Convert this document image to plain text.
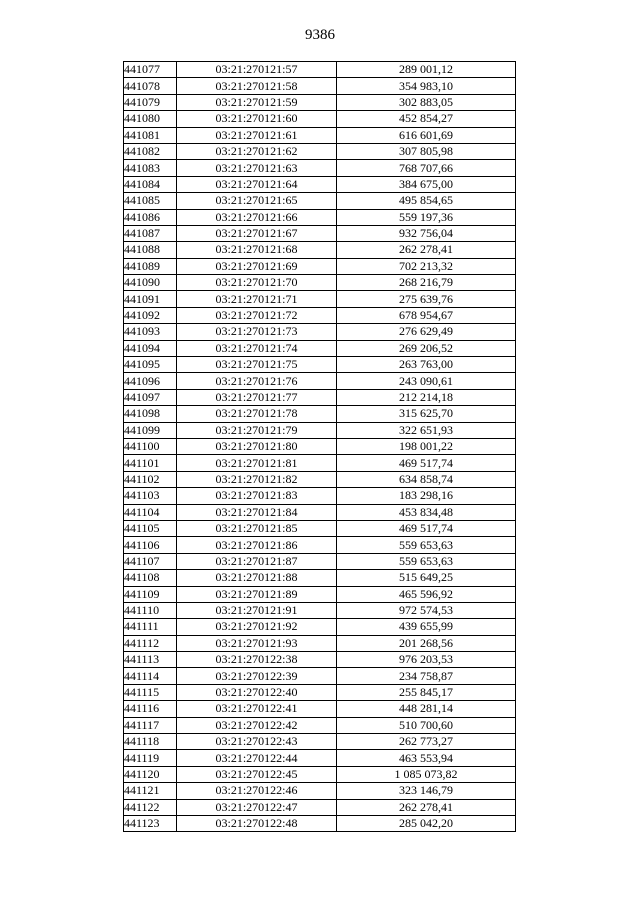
9386
441077	03:21:270121:57	289 001,12
441078	03:21:270121:58	354 983,10
441079	03:21:270121:59	302 883,05
441080	03:21:270121:60	452 854,27
441081	03:21:270121:61	616 601,69
441082	03:21:270121:62	307 805,98
441083	03:21:270121:63	768 707,66
441084	03:21:270121:64	384 675,00
441085	03:21:270121:65	495 854,65
441086	03:21:270121:66	559 197,36
441087	03:21:270121:67	932 756,04
441088	03:21:270121:68	262 278,41
441089	03:21:270121:69	702 213,32
441090	03:21:270121:70	268 216,79
441091	03:21:270121:71	275 639,76
441092	03:21:270121:72	678 954,67
441093	03:21:270121:73	276 629,49
441094	03:21:270121:74	269 206,52
441095	03:21:270121:75	263 763,00
441096	03:21:270121:76	243 090,61
441097	03:21:270121:77	212 214,18
441098	03:21:270121:78	315 625,70
441099	03:21:270121:79	322 651,93
441100	03:21:270121:80	198 001,22
441101	03:21:270121:81	469 517,74
441102	03:21:270121:82	634 858,74
441103	03:21:270121:83	183 298,16
441104	03:21:270121:84	453 834,48
441105	03:21:270121:85	469 517,74
441106	03:21:270121:86	559 653,63
441107	03:21:270121:87	559 653,63
441108	03:21:270121:88	515 649,25
441109	03:21:270121:89	465 596,92
441110	03:21:270121:91	972 574,53
441111	03:21:270121:92	439 655,99
441112	03:21:270121:93	201 268,56
441113	03:21:270122:38	976 203,53
441114	03:21:270122:39	234 758,87
441115	03:21:270122:40	255 845,17
441116	03:21:270122:41	448 281,14
441117	03:21:270122:42	510 700,60
441118	03:21:270122:43	262 773,27
441119	03:21:270122:44	463 553,94
441120	03:21:270122:45	1 085 073,82
441121	03:21:270122:46	323 146,79
441122	03:21:270122:47	262 278,41
441123	03:21:270122:48	285 042,20
